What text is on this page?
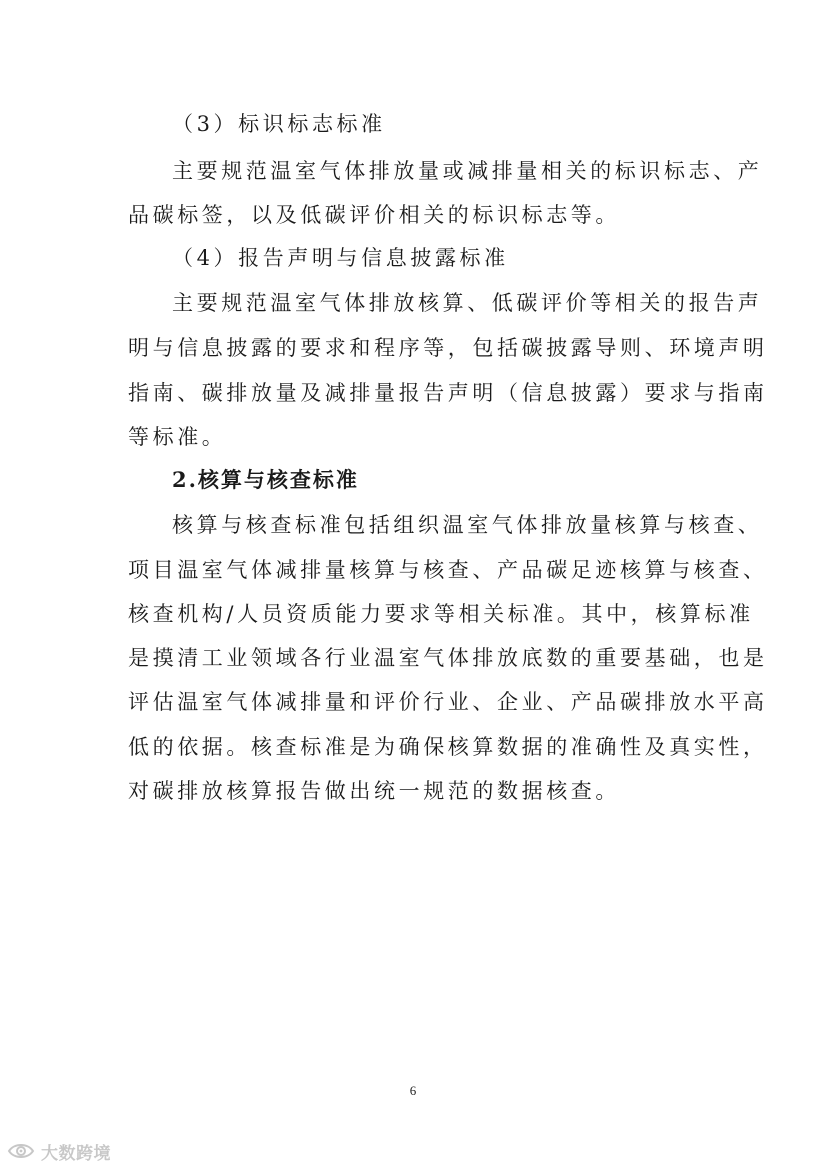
（3）标识标志标准
主要规范温室气体排放量或减排量相关的标识标志、产
品碳标签，以及低碳评价相关的标识标志等。
（4）报告声明与信息披露标准
主要规范温室气体排放核算、低碳评价等相关的报告声
明与信息披露的要求和程序等，包括碳披露导则、环境声明
指南、碳排放量及减排量报告声明（信息披露）要求与指南
等标准。
2.核算与核查标准
核算与核查标准包括组织温室气体排放量核算与核查、
项目温室气体减排量核算与核查、产品碳足迹核算与核查、
核查机构/人员资质能力要求等相关标准。其中，核算标准
是摸清工业领域各行业温室气体排放底数的重要基础，也是
评估温室气体减排量和评价行业、企业、产品碳排放水平高
低的依据。核查标准是为确保核算数据的准确性及真实性，
对碳排放核算报告做出统一规范的数据核查。
6
大数跨境
